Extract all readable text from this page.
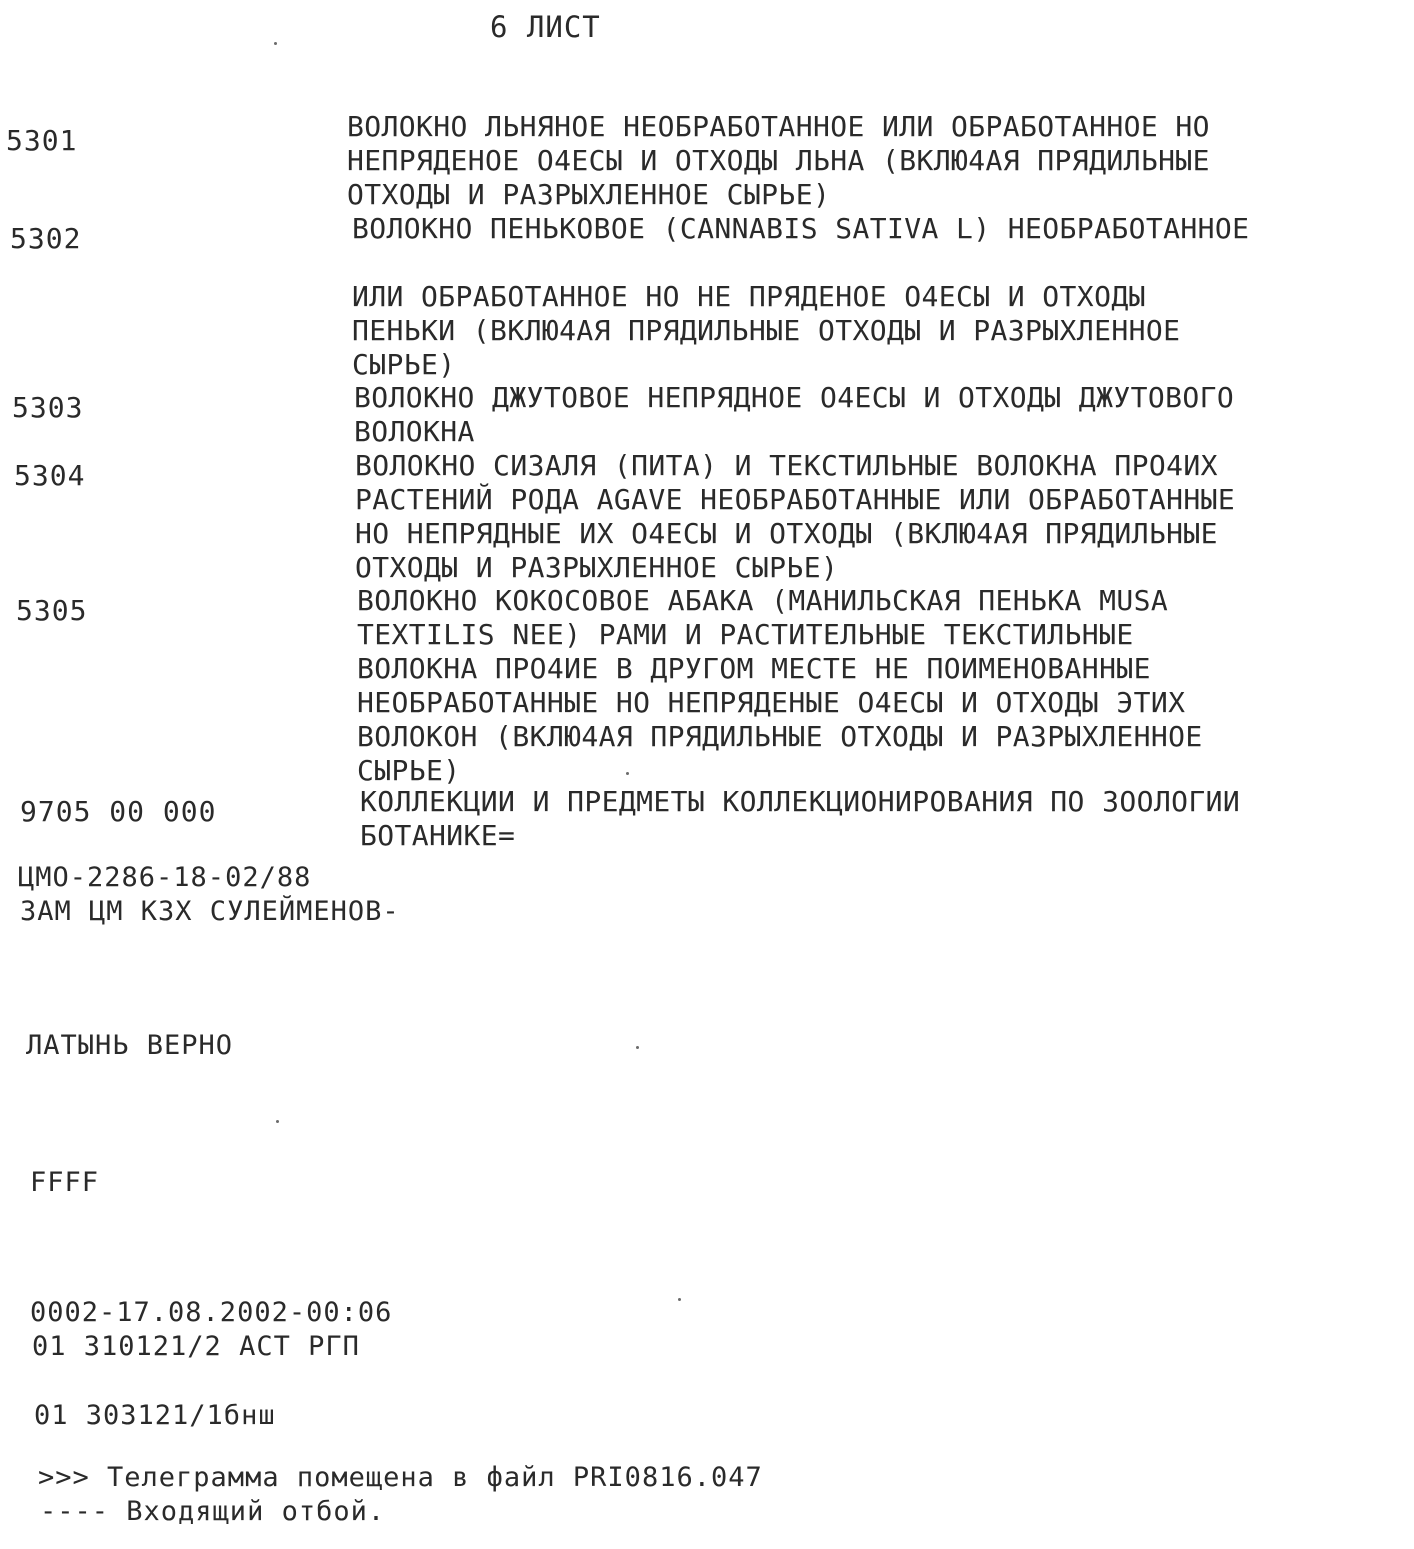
6 ЛИСТ
5301	ВОЛОКНО ЛЬНЯНОЕ НЕОБРАБОТАННОЕ ИЛИ ОБРАБОТАННОЕ НО
НЕПРЯДЕНОЕ О4ЕСЫ И ОТХОДЫ ЛЬНА (ВКЛЮ4АЯ ПРЯДИЛЬНЫЕ
ОТХОДЫ И РАЗРЫХЛЕННОЕ СЫРЬЕ)
5302	ВОЛОКНО ПЕНЬКОВОЕ (CANNABIS SATIVA L) НЕОБРАБОТАННОЕ
ИЛИ ОБРАБОТАННОЕ НО НЕ ПРЯДЕНОЕ О4ЕСЫ И ОТХОДЫ
ПЕНЬКИ (ВКЛЮ4АЯ ПРЯДИЛЬНЫЕ ОТХОДЫ И РАЗРЫХЛЕННОЕ
СЫРЬЕ)
5303	ВОЛОКНО ДЖУТОВОЕ НЕПРЯДНОЕ О4ЕСЫ И ОТХОДЫ ДЖУТОВОГО
ВОЛОКНА
5304	ВОЛОКНО СИЗАЛЯ (ПИТА) И ТЕКСТИЛЬНЫЕ ВОЛОКНА ПРО4ИХ
РАСТЕНИЙ РОДА AGAVE НЕОБРАБОТАННЫЕ ИЛИ ОБРАБОТАННЫЕ
НО НЕПРЯДНЫЕ ИХ О4ЕСЫ И ОТХОДЫ (ВКЛЮ4АЯ ПРЯДИЛЬНЫЕ
ОТХОДЫ И РАЗРЫХЛЕННОЕ СЫРЬЕ)
5305	ВОЛОКНО КОКОСОВОЕ АБАКА (МАНИЛЬСКАЯ ПЕНЬКА MUSA
TEXTILIS NEE) РАМИ И РАСТИТЕЛЬНЫЕ ТЕКСТИЛЬНЫЕ
ВОЛОКНА ПРО4ИЕ В ДРУГОМ МЕСТЕ НЕ ПОИМЕНОВАННЫЕ
НЕОБРАБОТАННЫЕ НО НЕПРЯДЕНЫЕ О4ЕСЫ И ОТХОДЫ ЭТИХ
ВОЛОКОН (ВКЛЮ4АЯ ПРЯДИЛЬНЫЕ ОТХОДЫ И РАЗРЫХЛЕННОЕ
СЫРЬЕ)
9705 00 000	КОЛЛЕКЦИИ И ПРЕДМЕТЫ КОЛЛЕКЦИОНИРОВАНИЯ ПО ЗООЛОГИИ
БОТАНИКЕ=
ЦМО-2286-18-02/88
ЗАМ ЦМ КЗХ СУЛЕЙМЕНОВ-
ЛАТЫНЬ ВЕРНО
FFFF
0002-17.08.2002-00:06
01 310121/2 АСТ РГП
01 303121/1бнш
>>> Телеграмма помещена в файл PRI0816.047
---- Входящий отбой.
